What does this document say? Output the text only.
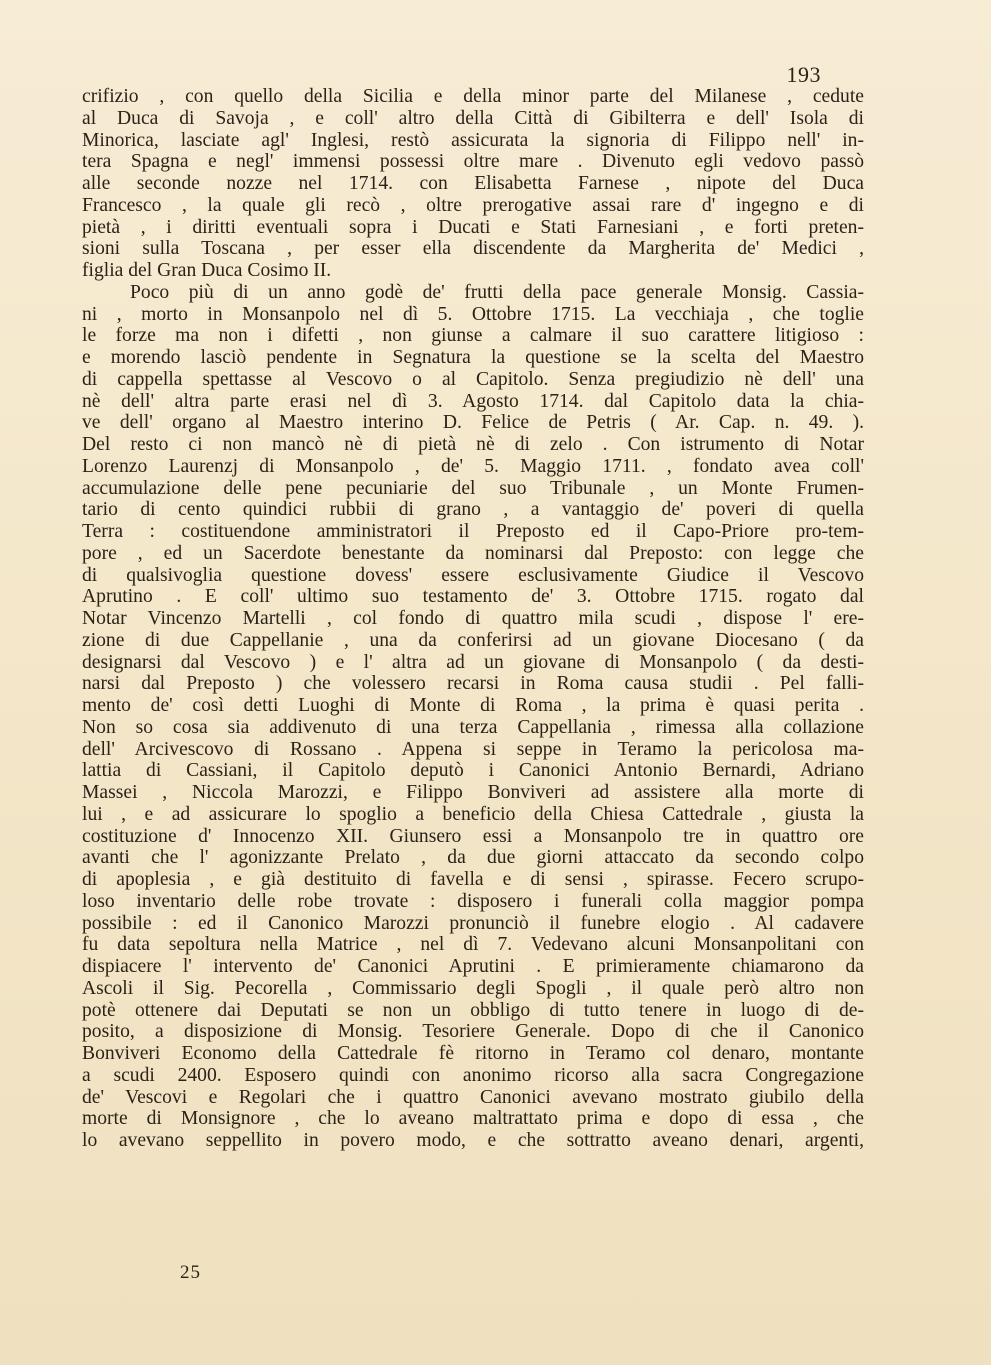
193
crifizio , con quello della Sicilia e della minor parte del Milanese , cedute
al Duca di Savoja , e coll' altro della Città di Gibilterra e dell' Isola di
Minorica, lasciate agl' Inglesi, restò assicurata la signoria di Filippo nell' in-
tera Spagna e negl' immensi possessi oltre mare . Divenuto egli vedovo passò
alle seconde nozze nel 1714. con Elisabetta Farnese , nipote del Duca
Francesco , la quale gli recò , oltre prerogative assai rare d' ingegno e di
pietà , i diritti eventuali sopra i Ducati e Stati Farnesiani , e forti preten-
sioni sulla Toscana , per esser ella discendente da Margherita de' Medici ,
figlia del Gran Duca Cosimo II.
Poco più di un anno godè de' frutti della pace generale Monsig. Cassia-
ni , morto in Monsanpolo nel dì 5. Ottobre 1715. La vecchiaja , che toglie
le forze ma non i difetti , non giunse a calmare il suo carattere litigioso :
e morendo lasciò pendente in Segnatura la questione se la scelta del Maestro
di cappella spettasse al Vescovo o al Capitolo. Senza pregiudizio nè dell' una
nè dell' altra parte erasi nel dì 3. Agosto 1714. dal Capitolo data la chia-
ve dell' organo al Maestro interino D. Felice de Petris ( Ar. Cap. n. 49. ).
Del resto ci non mancò nè di pietà nè di zelo . Con istrumento di Notar
Lorenzo Laurenzj di Monsanpolo , de' 5. Maggio 1711. , fondato avea coll'
accumulazione delle pene pecuniarie del suo Tribunale , un Monte Frumen-
tario di cento quindici rubbii di grano , a vantaggio de' poveri di quella
Terra : costituendone amministratori il Preposto ed il Capo-Priore pro-tem-
pore , ed un Sacerdote benestante da nominarsi dal Preposto: con legge che
di qualsivoglia questione dovess' essere esclusivamente Giudice il Vescovo
Aprutino . E coll' ultimo suo testamento de' 3. Ottobre 1715. rogato dal
Notar Vincenzo Martelli , col fondo di quattro mila scudi , dispose l' ere-
zione di due Cappellanie , una da conferirsi ad un giovane Diocesano ( da
designarsi dal Vescovo ) e l' altra ad un giovane di Monsanpolo ( da desti-
narsi dal Preposto ) che volessero recarsi in Roma causa studii . Pel falli-
mento de' così detti Luoghi di Monte di Roma , la prima è quasi perita .
Non so cosa sia addivenuto di una terza Cappellania , rimessa alla collazione
dell' Arcivescovo di Rossano . Appena si seppe in Teramo la pericolosa ma-
lattia di Cassiani, il Capitolo deputò i Canonici Antonio Bernardi, Adriano
Massei , Niccola Marozzi, e Filippo Bonviveri ad assistere alla morte di
lui , e ad assicurare lo spoglio a beneficio della Chiesa Cattedrale , giusta la
costituzione d' Innocenzo XII. Giunsero essi a Monsanpolo tre in quattro ore
avanti che l' agonizzante Prelato , da due giorni attaccato da secondo colpo
di apoplesia , e già destituito di favella e di sensi , spirasse. Fecero scrupo-
loso inventario delle robe trovate : disposero i funerali colla maggior pompa
possibile : ed il Canonico Marozzi pronunciò il funebre elogio . Al cadavere
fu data sepoltura nella Matrice , nel dì 7. Vedevano alcuni Monsanpolitani con
dispiacere l' intervento de' Canonici Aprutini . E primieramente chiamarono da
Ascoli il Sig. Pecorella , Commissario degli Spogli , il quale però altro non
potè ottenere dai Deputati se non un obbligo di tutto tenere in luogo di de-
posito, a disposizione di Monsig. Tesoriere Generale. Dopo di che il Canonico
Bonviveri Economo della Cattedrale fè ritorno in Teramo col denaro, montante
a scudi 2400. Esposero quindi con anonimo ricorso alla sacra Congregazione
de' Vescovi e Regolari che i quattro Canonici avevano mostrato giubilo della
morte di Monsignore , che lo aveano maltrattato prima e dopo di essa , che
lo avevano seppellito in povero modo, e che sottratto aveano denari, argenti,
25
